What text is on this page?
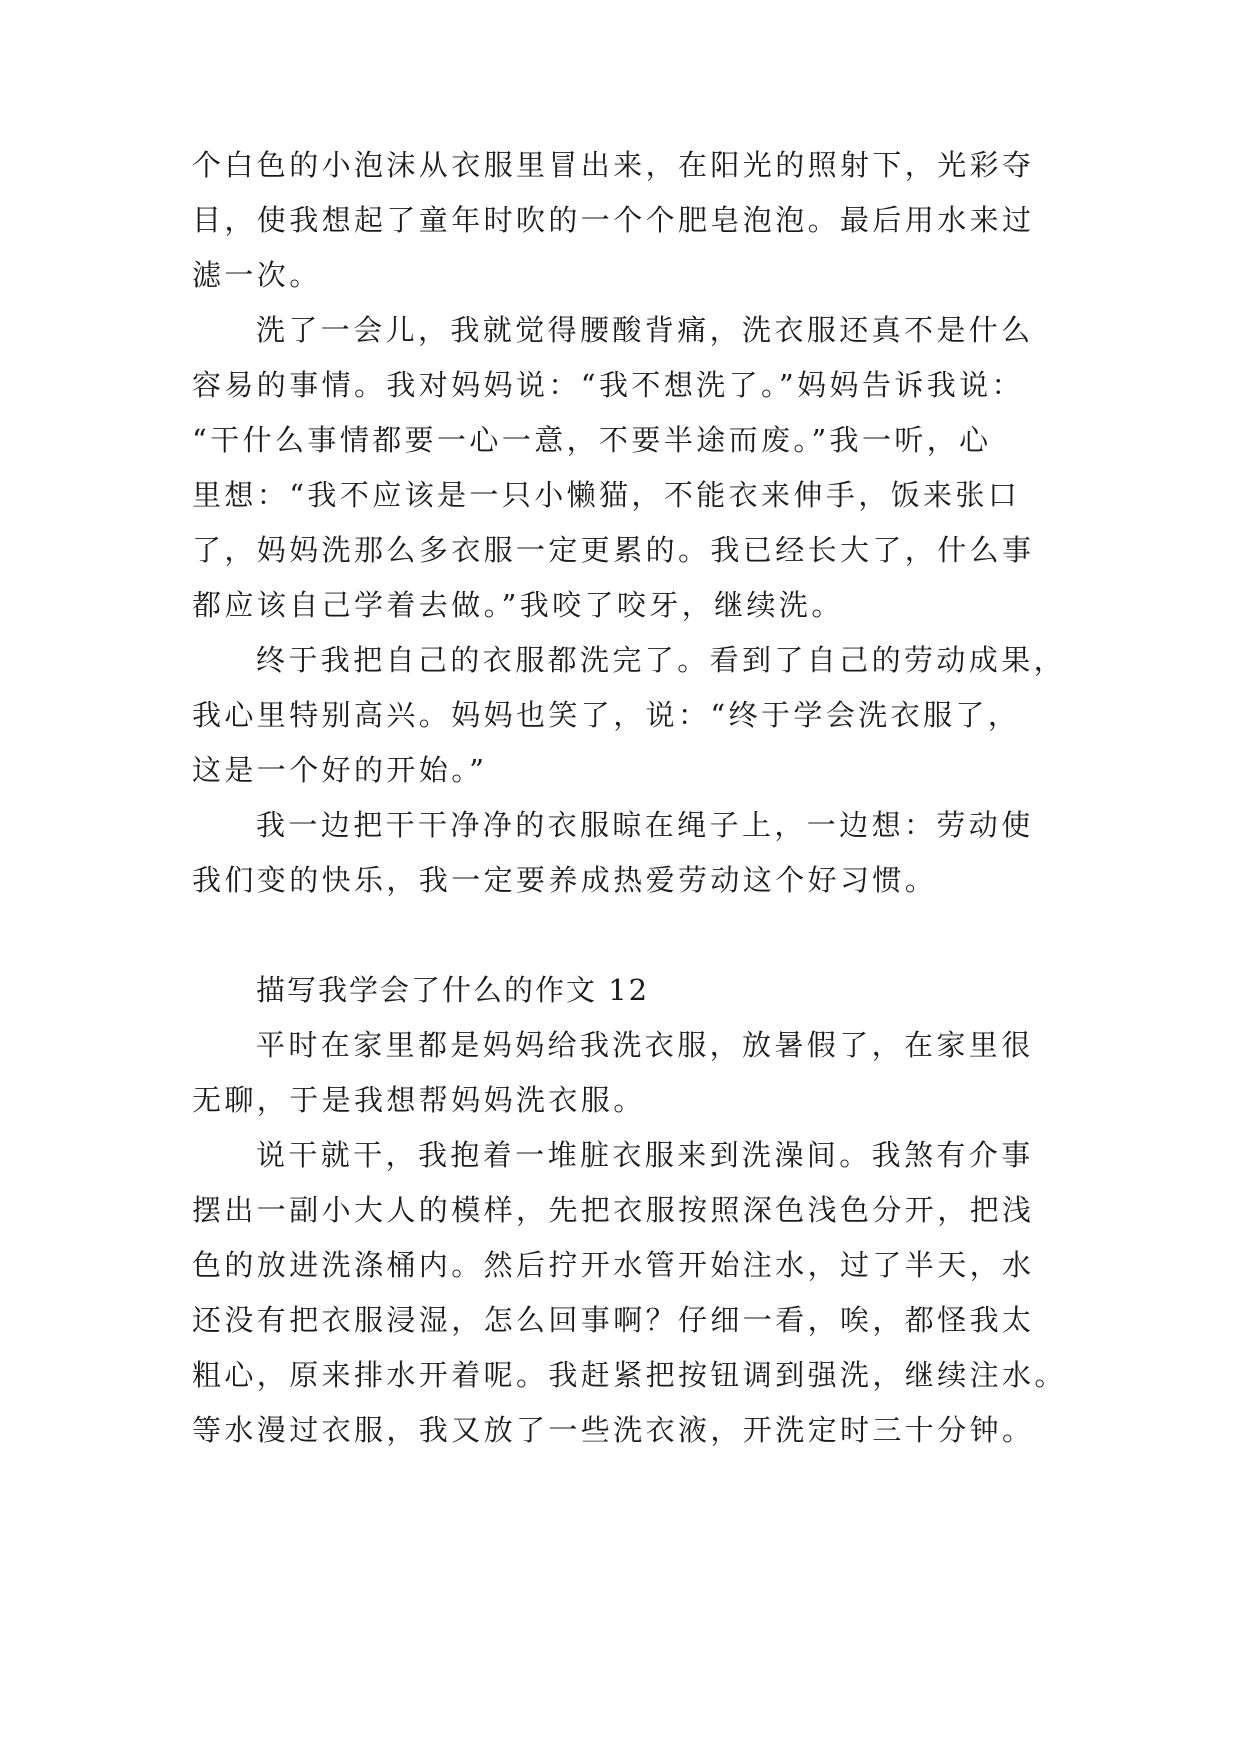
个白色的小泡沫从衣服里冒出来，在阳光的照射下，光彩夺

目，使我想起了童年时吹的一个个肥皂泡泡。最后用水来过

滤一次。

洗了一会儿，我就觉得腰酸背痛，洗衣服还真不是什么

容易的事情。我对妈妈说：“我不想洗了。”妈妈告诉我说：

“干什么事情都要一心一意，不要半途而废。”我一听，心

里想：“我不应该是一只小懒猫，不能衣来伸手，饭来张口

了，妈妈洗那么多衣服一定更累的。我已经长大了，什么事

都应该自己学着去做。”我咬了咬牙，继续洗。

终于我把自己的衣服都洗完了。看到了自己的劳动成果，

我心里特别高兴。妈妈也笑了，说：“终于学会洗衣服了，

这是一个好的开始。”

我一边把干干净净的衣服晾在绳子上，一边想：劳动使

我们变的快乐，我一定要养成热爱劳动这个好习惯。

描写我学会了什么的作文 12

平时在家里都是妈妈给我洗衣服，放暑假了，在家里很

无聊，于是我想帮妈妈洗衣服。

说干就干，我抱着一堆脏衣服来到洗澡间。我煞有介事

摆出一副小大人的模样，先把衣服按照深色浅色分开，把浅

色的放进洗涤桶内。然后拧开水管开始注水，过了半天，水

还没有把衣服浸湿，怎么回事啊？仔细一看，唉，都怪我太

粗心，原来排水开着呢。我赶紧把按钮调到强洗，继续注水。

等水漫过衣服，我又放了一些洗衣液，开洗定时三十分钟。
